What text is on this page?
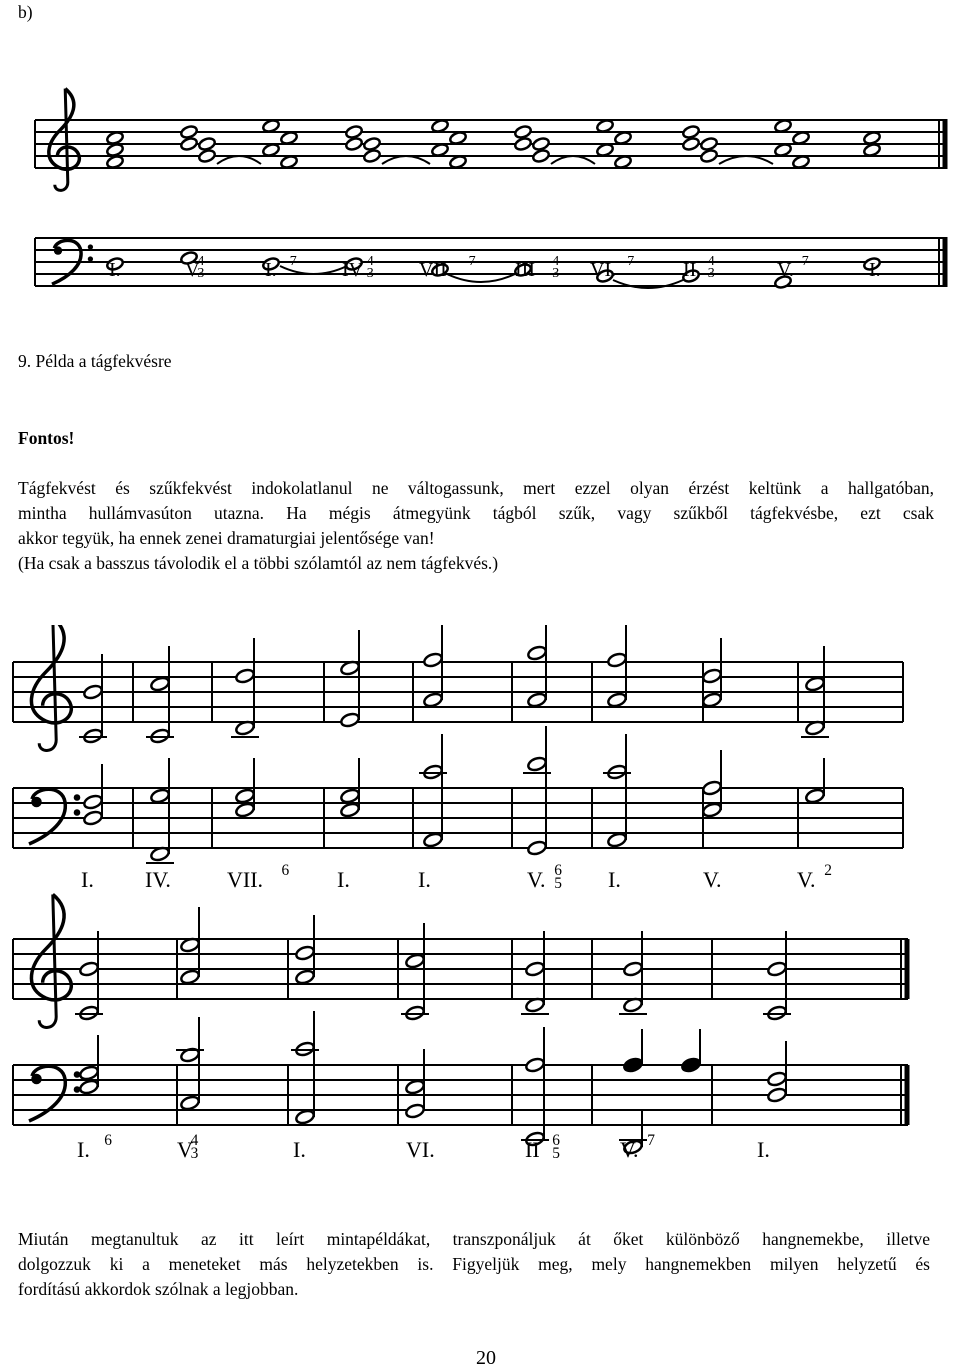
b)
I.	V
4
3	I. 7 IV 4
3 VII. 7 III 4
3 VI. 7 II 4
3	V. 7	I.
9. Példa a tágfekvésre
Fontos!
Tágfekvést és szűkfekvést indokolatlanul ne váltogassunk, mert ezzel olyan érzést keltünk a hallgatóban,
mintha hullámvasúton utazna. Ha mégis átmegyünk tágból szűk, vagy szűkből tágfekvésbe, ezt csak
akkor tegyük, ha ennek zenei dramaturgiai jelentősége van!
(Ha csak a basszus távolodik el a többi szólamtól az nem tágfekvés.)
I. IV.	VII. 6 I.	I.	V. 6
5 I.	V.	V. 2
I. 6	V
4
3	I.	VI.	II 6
5	V. 7	I.
Miután megtanultuk az itt leírt mintapéldákat, transzponáljuk át őket különböző hangnemekbe, illetve
dolgozzuk ki a meneteket más helyzetekben is. Figyeljük meg, mely hangnemekben milyen helyzetű és
fordítású akkordok szólnak a legjobban.
20
